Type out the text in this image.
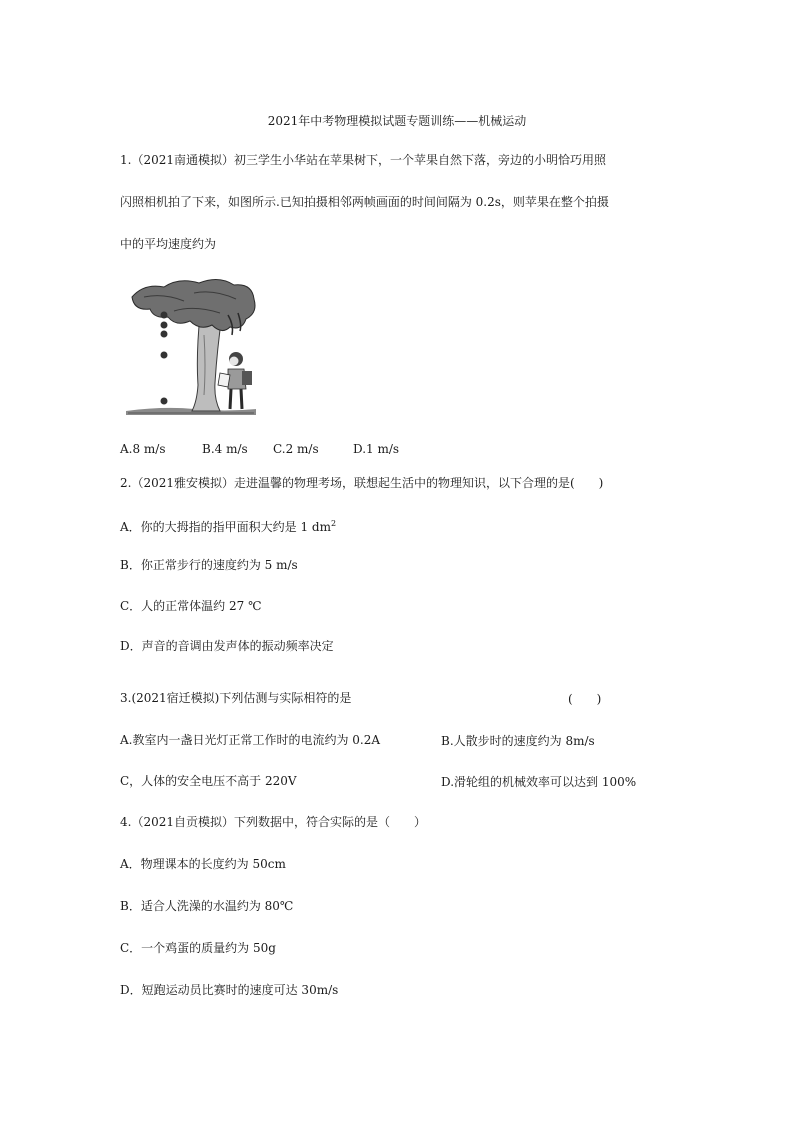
2021年中考物理模拟试题专题训练——机械运动
1.（2021南通模拟）初三学生小华站在苹果树下，一个苹果自然下落，旁边的小明恰巧用照
闪照相机拍了下来，如图所示.已知拍摄相邻两帧画面的时间间隔为 0.2s，则苹果在整个拍摄
中的平均速度约为
A.8 m/s	B.4 m/s C.2 m/s	D.1 m/s
2.（2021雅安模拟）走进温馨的物理考场，联想起生活中的物理知识，以下合理的是(　　)
A．你的大拇指的指甲面积大约是 1 $dm^2$
B．你正常步行的速度约为 5 m/s
C．人的正常体温约 27 ℃
D．声音的音调由发声体的振动频率决定
3.(2021宿迁模拟)下列估测与实际相符的是	(　　)
A.教室内一盏日光灯正常工作时的电流约为 0.2A	B.人散步时的速度约为 8m/s
C，人体的安全电压不高于 220V	D.滑轮组的机械效率可以达到 100%
4.（2021自贡模拟）下列数据中，符合实际的是（　　）
A．物理课本的长度约为 50cm
B．适合人洗澡的水温约为 80℃
C．一个鸡蛋的质量约为 50g
D．短跑运动员比赛时的速度可达 30m/s
